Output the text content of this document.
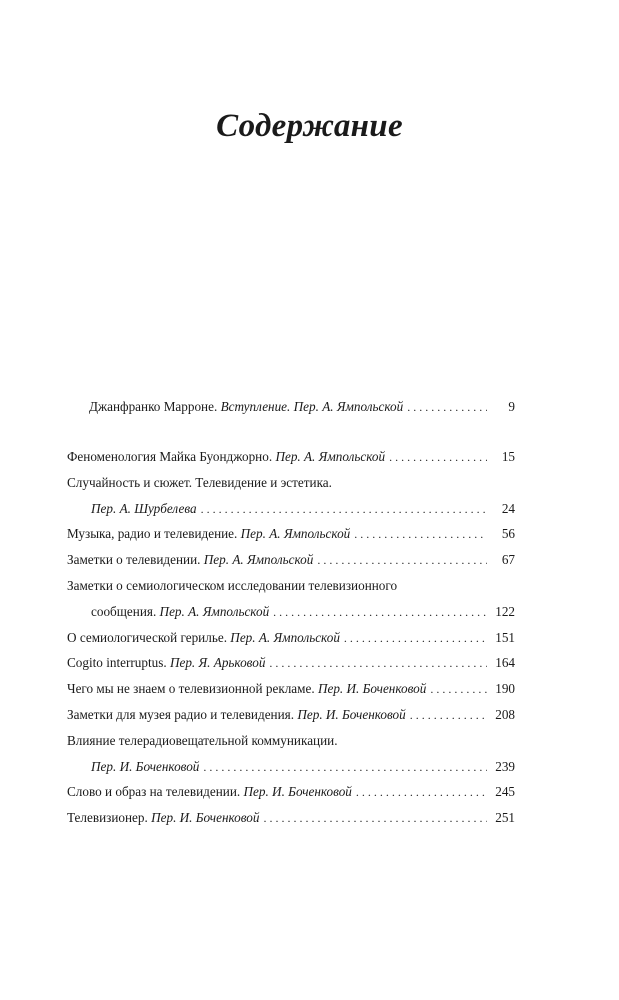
Содержание
Джанфранко Марроне. Вступление. Пер. А. Ямпольской . . .	9
Феноменология Майка Буонджорно. Пер. А. Ямпольской . . .	15
Случайность и сюжет. Телевидение и эстетика.
Пер. А. Шурбелева . . .	24
Музыка, радио и телевидение. Пер. А. Ямпольской . . .	56
Заметки о телевидении. Пер. А. Ямпольской . . .	67
Заметки о семиологическом исследовании телевизионного
сообщения. Пер. А. Ямпольской . . .	122
О семиологической герилье. Пер. А. Ямпольской . . .	151
Cogito interruptus. Пер. Я. Арьковой . . .	164
Чего мы не знаем о телевизионной рекламе. Пер. И. Боченковой . . .	190
Заметки для музея радио и телевидения. Пер. И. Боченковой . . .	208
Влияние телерадиовещательной коммуникации.
Пер. И. Боченковой . . .	239
Слово и образ на телевидении. Пер. И. Боченковой . . .	245
Телевизионер. Пер. И. Боченковой . . .	251
